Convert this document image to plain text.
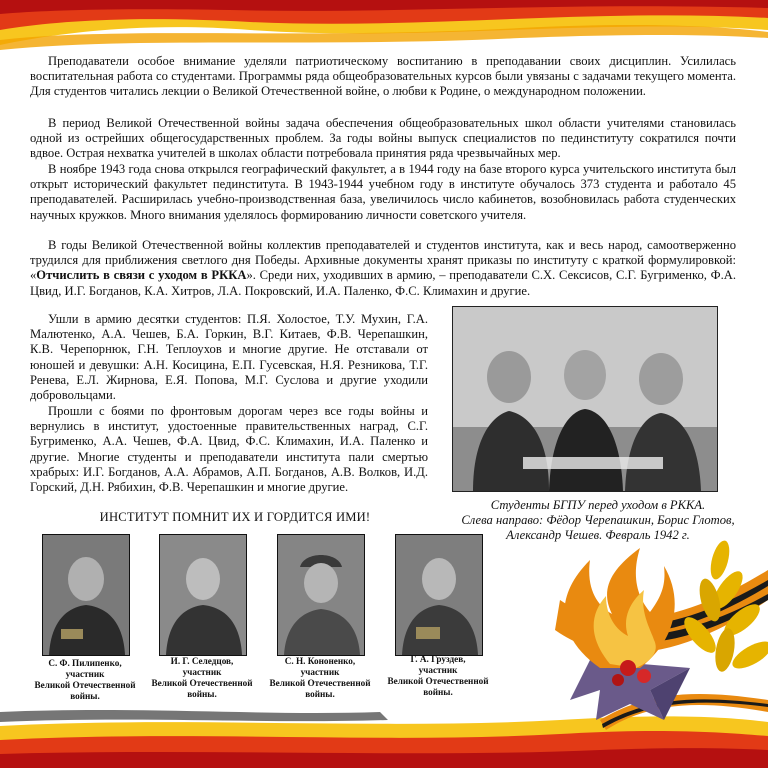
Преподаватели особое внимание уделяли патриотическому воспитанию в преподавании своих дисциплин. Усилилась воспитательная работа со студентами. Программы ряда общеобразовательных курсов были увязаны с задачами текущего момента. Для студентов читались лекции о Великой Отечественной войне, о любви к Родине, о международном положении.

В период Великой Отечественной войны задача обеспечения общеобразовательных школ области учителями становилась одной из острейших общегосударственных проблем. За годы войны выпуск специалистов по пединституту сократился почти вдвое. Острая нехватка учителей в школах области потребовала принятия ряда чрезвычайных мер.

В ноябре 1943 года снова открылся географический факультет, а в 1944 году на базе второго курса учительского института был открыт исторический факультет пединститута. В 1943-1944 учебном году в институте обучалось 373 студента и работало 45 преподавателей. Расширилась учебно-производственная база, увеличилось число кабинетов, возобновилась работа студенческих научных кружков. Много внимания уделялось формированию личности советского учителя.

В годы Великой Отечественной войны коллектив преподавателей и студентов института, как и весь народ, самоотверженно трудился для приближения светлого дня Победы. Архивные документы хранят приказы по институту с краткой формулировкой: «Отчислить в связи с уходом в РККА». Среди них, уходивших в армию, – преподаватели С.Х. Сексисов, С.Г. Бугрименко, Ф.А. Цвид, И.Г. Богданов, К.А. Хитров, Л.А. Покровский, И.А. Паленко, Ф.С. Климахин и другие.

Ушли в армию десятки студентов: П.Я. Холостое, Т.У. Мухин, Г.А. Малютенко, А.А. Чешев, Б.А. Горкин, В.Г. Китаев, Ф.В. Черепашкин, К.В. Черепорнюк, Г.Н. Теплоухов и многие другие. Не отставали от юношей и девушки: А.Н. Косицина, Е.П. Гусевская, Н.Я. Резникова, Т.Г. Ренева, Е.Л. Жирнова, Е.Я. Попова, М.Г. Суслова и другие уходили добровольцами.

Прошли с боями по фронтовым дорогам через все годы войны и вернулись в институт, удостоенные правительственных наград, С.Г. Бугрименко, А.А. Чешев, Ф.А. Цвид, Ф.С. Климахин, И.А. Паленко и другие. Многие студенты и преподаватели института пали смертью храбрых: И.Г. Богданов, А.А. Абрамов, А.П. Богданов, А.В. Волков, И.Д. Горский, Д.Н. Рябихин, Ф.В. Черепашкин и многие другие.

ИНСТИТУТ ПОМНИТ ИХ И ГОРДИТСЯ ИМИ!
Студенты БГПУ перед уходом в РККА.
Слева направо: Фёдор Черепашкин, Борис Глотов,
Александр Чешев. Февраль 1942 г.
С. Ф. Пилипенко,
участник
Великой Отечественной
войны.
И. Г. Селедцов,
участник
Великой Отечественной
войны.
С. Н. Кононенко,
участник
Великой Отечественной
войны.
Г. А. Груздев,
участник
Великой Отечественной
войны.
